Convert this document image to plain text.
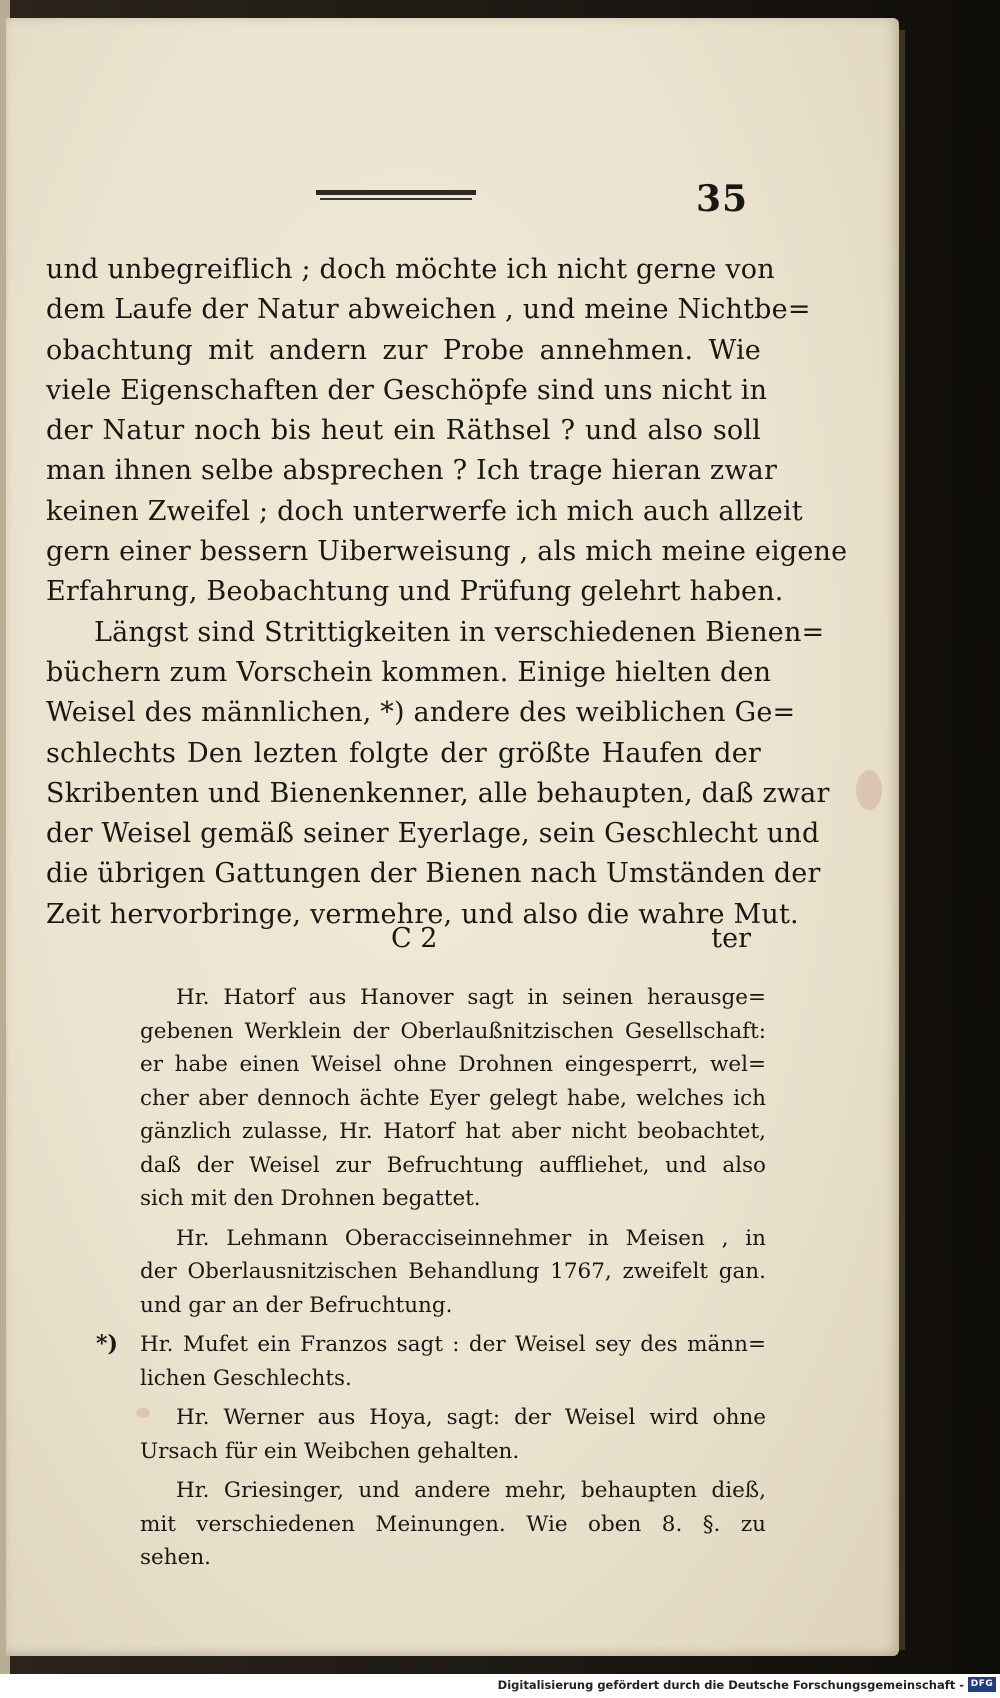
35
und unbegreiflich ; doch möchte ich nicht gerne von
dem Laufe der Natur abweichen , und meine Nichtbe=
obachtung mit andern zur Probe annehmen. Wie
viele Eigenschaften der Geschöpfe sind uns nicht in
der Natur noch bis heut ein Räthsel ? und also soll
man ihnen selbe absprechen ? Ich trage hieran zwar
keinen Zweifel ; doch unterwerfe ich mich auch allzeit
gern einer bessern Uiberweisung , als mich meine eigene
Erfahrung, Beobachtung und Prüfung gelehrt haben.
Längst sind Strittigkeiten in verschiedenen Bienen=
büchern zum Vorschein kommen. Einige hielten den
Weisel des männlichen, *) andere des weiblichen Ge=
schlechts Den lezten folgte der größte Haufen der
Skribenten und Bienenkenner, alle behaupten, daß zwar
der Weisel gemäß seiner Eyerlage, sein Geschlecht und
die übrigen Gattungen der Bienen nach Umständen der
Zeit hervorbringe, vermehre, und also die wahre Mut.
C 2	ter
Hr. Hatorf aus Hanover sagt in seinen herausge=
gebenen Werklein der Oberlaußnitzischen Gesellschaft:
er habe einen Weisel ohne Drohnen eingesperrt, wel=
cher aber dennoch ächte Eyer gelegt habe, welches ich
gänzlich zulasse, Hr. Hatorf hat aber nicht beobachtet,
daß der Weisel zur Befruchtung auffliehet, und also
sich mit den Drohnen begattet.
Hr. Lehmann Oberacciseinnehmer in Meisen , in
der Oberlausnitzischen Behandlung 1767, zweifelt gan.
und gar an der Befruchtung.
*)	Hr. Mufet ein Franzos sagt : der Weisel sey des männ=
lichen Geschlechts.
Hr. Werner aus Hoya, sagt: der Weisel wird ohne
Ursach für ein Weibchen gehalten.
Hr. Griesinger, und andere mehr, behaupten dieß,
mit verschiedenen Meinungen. Wie oben 8. §. zu
sehen.
Digitalisierung gefördert durch die Deutsche Forschungsgemeinschaft - DFG
